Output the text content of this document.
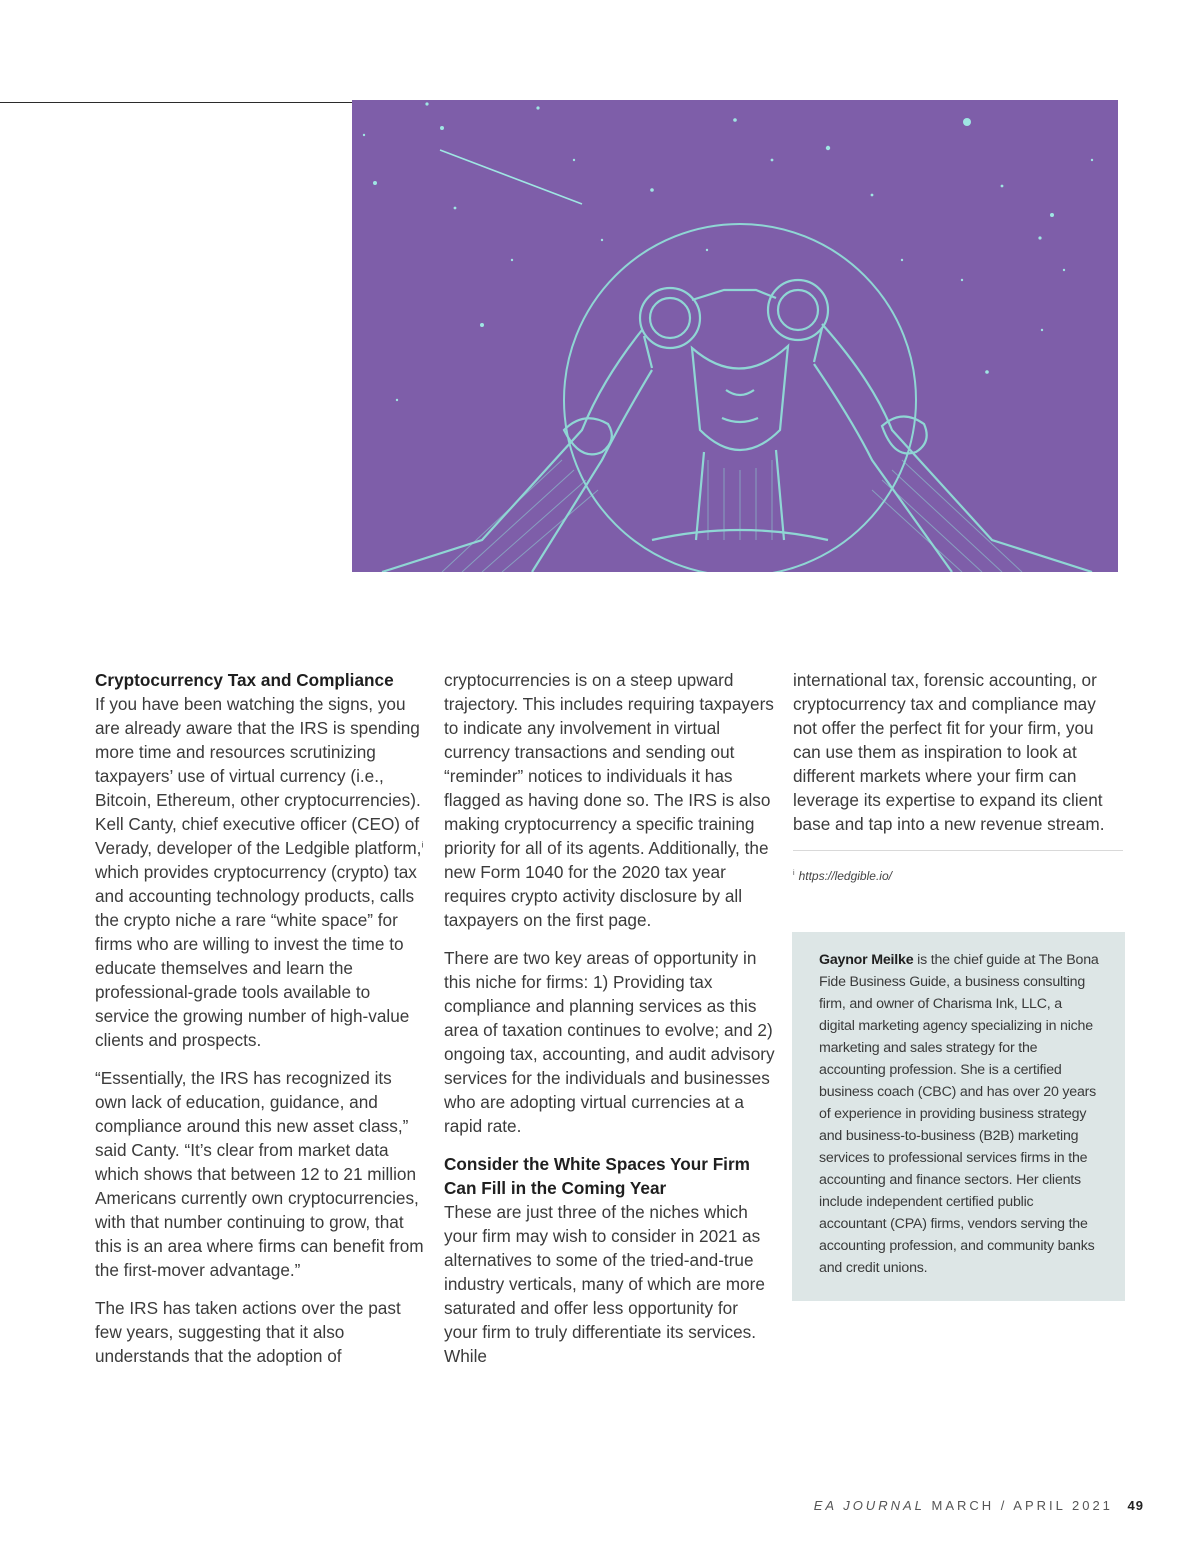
Cryptocurrency Tax and Compliance

If you have been watching the signs, you are already aware that the IRS is spending more time and resources scrutinizing taxpayers’ use of virtual currency (i.e., Bitcoin, Ethereum, other cryptocurrencies). Kell Canty, chief executive officer (CEO) of Verady, developer of the Ledgible platform,$^i$ which provides cryptocurrency (crypto) tax and accounting technology products, calls the crypto niche a rare “white space” for firms who are willing to invest the time to educate themselves and learn the professional-grade tools available to service the growing number of high-value clients and prospects.

“Essentially, the IRS has recognized its own lack of education, guidance, and compliance around this new asset class,” said Canty. “It’s clear from market data which shows that between 12 to 21 million Americans currently own cryptocurrencies, with that number continuing to grow, that this is an area where firms can benefit from the first-mover advantage.”

The IRS has taken actions over the past few years, suggesting that it also understands that the adoption of

cryptocurrencies is on a steep upward trajectory. This includes requiring taxpayers to indicate any involvement in virtual currency transactions and sending out “reminder” notices to individuals it has flagged as having done so. The IRS is also making cryptocurrency a specific training priority for all of its agents. Additionally, the new Form 1040 for the 2020 tax year requires crypto activity disclosure by all taxpayers on the first page.

There are two key areas of opportunity in this niche for firms: 1) Providing tax compliance and planning services as this area of taxation continues to evolve; and 2) ongoing tax, accounting, and audit advisory services for the individuals and businesses who are adopting virtual currencies at a rapid rate.

Consider the White Spaces Your Firm Can Fill in the Coming Year

These are just three of the niches which your firm may wish to consider in 2021 as alternatives to some of the tried-and-true industry verticals, many of which are more saturated and offer less opportunity for your firm to truly differentiate its services. While

international tax, forensic accounting, or cryptocurrency tax and compliance may not offer the perfect fit for your firm, you can use them as inspiration to look at different markets where your firm can leverage its expertise to expand its client base and tap into a new revenue stream.

$^i$ https://ledgible.io/

Gaynor Meilke is the chief guide at The Bona Fide Business Guide, a business consulting firm, and owner of Charisma Ink, LLC, a digital marketing agency specializing in niche marketing and sales strategy for the accounting profession. She is a certified business coach (CBC) and has over 20 years of experience in providing business strategy and business-to-business (B2B) marketing services to professional services firms in the accounting and finance sectors. Her clients include independent certified public accountant (CPA) firms, vendors serving the accounting profession, and community banks and credit unions.
EA JOURNAL MARCH / APRIL 2021 49
